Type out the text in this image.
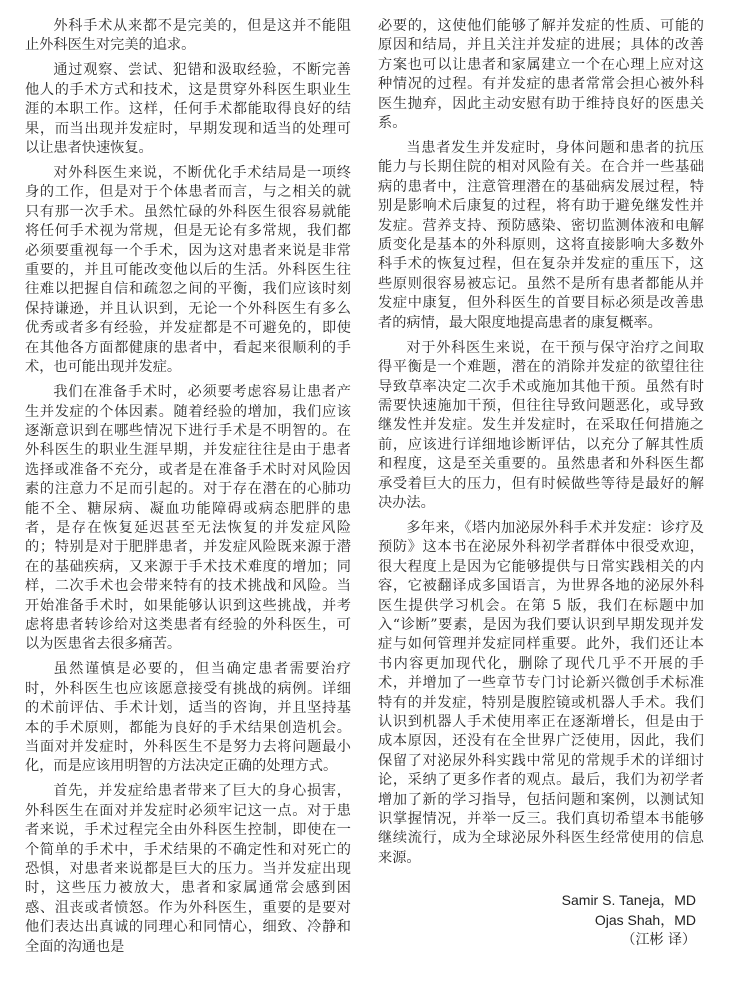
外科手术从来都不是完美的，但是这并不能阻止外科医生对完美的追求。

通过观察、尝试、犯错和汲取经验，不断完善他人的手术方式和技术，这是贯穿外科医生职业生涯的本职工作。这样，任何手术都能取得良好的结果，而当出现并发症时，早期发现和适当的处理可以让患者快速恢复。

对外科医生来说，不断优化手术结局是一项终身的工作，但是对于个体患者而言，与之相关的就只有那一次手术。虽然忙碌的外科医生很容易就能将任何手术视为常规，但是无论有多常规，我们都必须要重视每一个手术，因为这对患者来说是非常重要的，并且可能改变他以后的生活。外科医生往往难以把握自信和疏忽之间的平衡，我们应该时刻保持谦逊，并且认识到，无论一个外科医生有多么优秀或者多有经验，并发症都是不可避免的，即使在其他各方面都健康的患者中，看起来很顺利的手术，也可能出现并发症。

我们在准备手术时，必须要考虑容易让患者产生并发症的个体因素。随着经验的增加，我们应该逐渐意识到在哪些情况下进行手术是不明智的。在外科医生的职业生涯早期，并发症往往是由于患者选择或准备不充分，或者是在准备手术时对风险因素的注意力不足而引起的。对于存在潜在的心肺功能不全、糖尿病、凝血功能障碍或病态肥胖的患者，是存在恢复延迟甚至无法恢复的并发症风险的；特别是对于肥胖患者，并发症风险既来源于潜在的基础疾病，又来源于手术技术难度的增加；同样，二次手术也会带来特有的技术挑战和风险。当开始准备手术时，如果能够认识到这些挑战，并考虑将患者转诊给对这类患者有经验的外科医生，可以为医患省去很多痛苦。

虽然谨慎是必要的，但当确定患者需要治疗时，外科医生也应该愿意接受有挑战的病例。详细的术前评估、手术计划，适当的咨询，并且坚持基本的手术原则，都能为良好的手术结果创造机会。当面对并发症时，外科医生不是努力去将问题最小化，而是应该用明智的方法决定正确的处理方式。

首先，并发症给患者带来了巨大的身心损害，外科医生在面对并发症时必须牢记这一点。对于患者来说，手术过程完全由外科医生控制，即使在一个简单的手术中，手术结果的不确定性和对死亡的恐惧，对患者来说都是巨大的压力。当并发症出现时，这些压力被放大，患者和家属通常会感到困惑、沮丧或者愤怒。作为外科医生，重要的是要对他们表达出真诚的同理心和同情心，细致、冷静和全面的沟通也是

必要的，这使他们能够了解并发症的性质、可能的原因和结局，并且关注并发症的进展；具体的改善方案也可以让患者和家属建立一个在心理上应对这种情况的过程。有并发症的患者常常会担心被外科医生抛弃，因此主动安慰有助于维持良好的医患关系。

当患者发生并发症时，身体问题和患者的抗压能力与长期住院的相对风险有关。在合并一些基础病的患者中，注意管理潜在的基础病发展过程，特别是影响术后康复的过程，将有助于避免继发性并发症。营养支持、预防感染、密切监测体液和电解质变化是基本的外科原则，这将直接影响大多数外科手术的恢复过程，但在复杂并发症的重压下，这些原则很容易被忘记。虽然不是所有患者都能从并发症中康复，但外科医生的首要目标必须是改善患者的病情，最大限度地提高患者的康复概率。

对于外科医生来说，在干预与保守治疗之间取得平衡是一个难题，潜在的消除并发症的欲望往往导致草率决定二次手术或施加其他干预。虽然有时需要快速施加干预，但往往导致问题恶化，或导致继发性并发症。发生并发症时，在采取任何措施之前，应该进行详细地诊断评估，以充分了解其性质和程度，这是至关重要的。虽然患者和外科医生都承受着巨大的压力，但有时候做些等待是最好的解决办法。

多年来，《塔内加泌尿外科手术并发症：诊疗及预防》这本书在泌尿外科初学者群体中很受欢迎，很大程度上是因为它能够提供与日常实践相关的内容，它被翻译成多国语言，为世界各地的泌尿外科医生提供学习机会。在第 5 版，我们在标题中加入“诊断”要素，是因为我们要认识到早期发现并发症与如何管理并发症同样重要。此外，我们还让本书内容更加现代化，删除了现代几乎不开展的手术，并增加了一些章节专门讨论新兴微创手术标准特有的并发症，特别是腹腔镜或机器人手术。我们认识到机器人手术使用率正在逐渐增长，但是由于成本原因，还没有在全世界广泛使用，因此，我们保留了对泌尿外科实践中常见的常规手术的详细讨论，采纳了更多作者的观点。最后，我们为初学者增加了新的学习指导，包括问题和案例，以测试知识掌握情况，并举一反三。我们真切希望本书能够继续流行，成为全球泌尿外科医生经常使用的信息来源。

Samir S. Taneja，MD
Ojas Shah，MD
（江彬 译）
